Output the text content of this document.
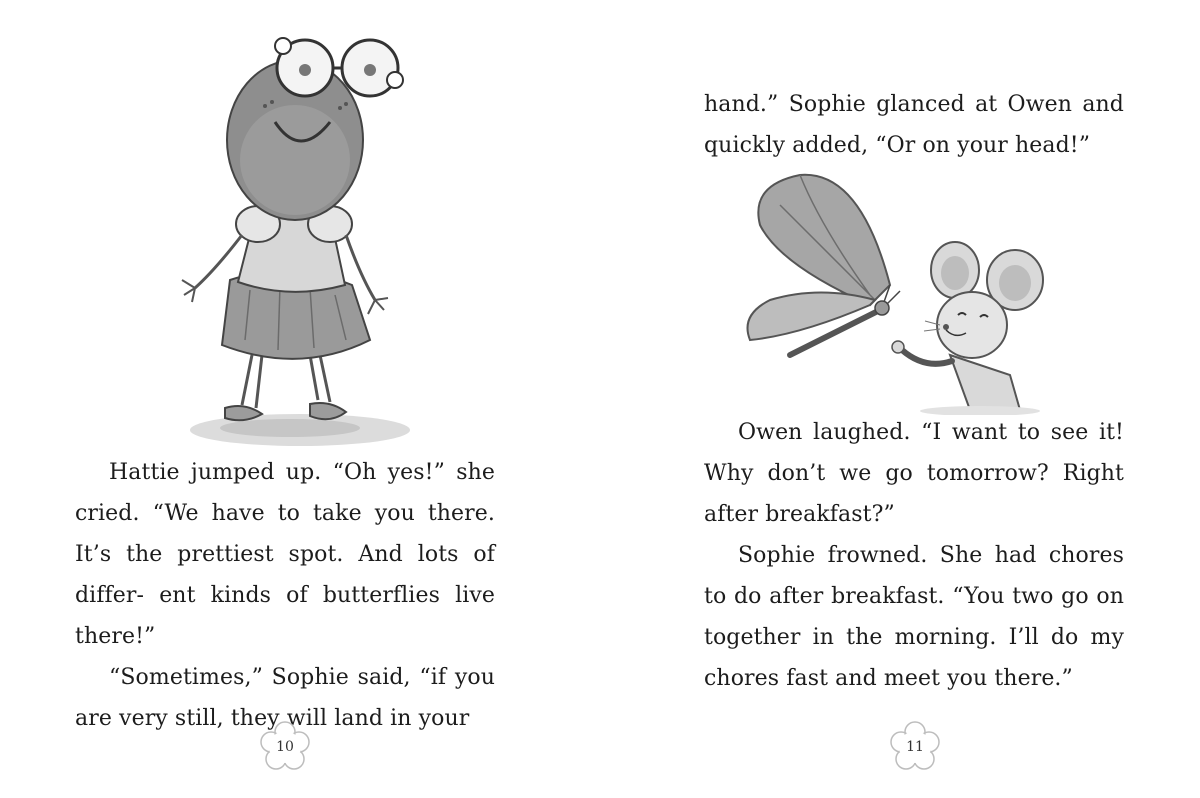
Hattie jumped up. “Oh yes!” she cried. “We have to take you there. It’s the prettiest spot. And lots of differ- ent kinds of butterflies live there!”

“Sometimes,” Sophie said, “if you are very still, they will land in your

10

hand.” Sophie glanced at Owen and quickly added, “Or on your head!”

Owen laughed. “I want to see it! Why don’t we go tomorrow? Right after breakfast?”

Sophie frowned. She had chores to do after breakfast. “You two go on together in the morning. I’ll do my chores fast and meet you there.”

11
